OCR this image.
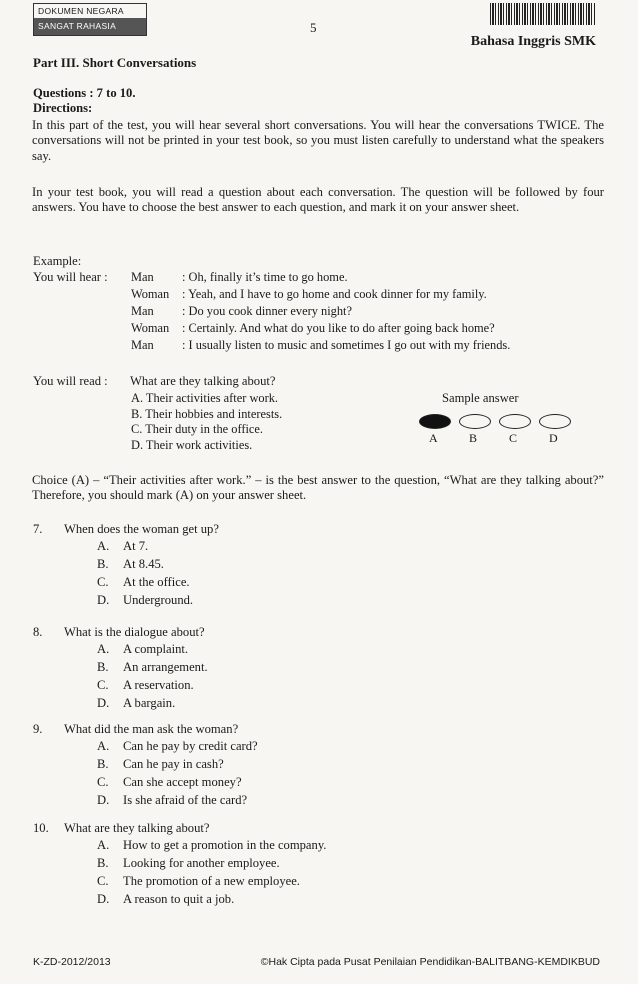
DOKUMEN NEGARA
SANGAT RAHASIA	5
Bahasa Inggris SMK
Part III. Short Conversations
Questions : 7 to 10.
Directions:

In this part of the test, you will hear several short conversations. You will hear the conversations TWICE. The conversations will not be printed in your test book, so you must listen carefully to understand what the speakers say.

In your test book, you will read a question about each conversation. The question will be followed by four answers. You have to choose the best answer to each question, and mark it on your answer sheet.

Example:
You will hear : Man : Oh, finally it’s time to go home.
Woman : Yeah, and I have to go home and cook dinner for my family.
Man : Do you cook dinner every night?
Woman : Certainly. And what do you like to do after going back home?
Man : I usually listen to music and sometimes I go out with my friends.
You will read : What are they talking about?
A. Their activities after work.
B. Their hobbies and interests.
C. Their duty in the office.
D. Their work activities.
Sample answer
A	B	C	D

Choice (A) – “Their activities after work.” – is the best answer to the question, “What are they talking about?” Therefore, you should mark (A) on your answer sheet.

7. When does the woman get up?
A. At 7.
B. At 8.45.
C. At the office.
D. Underground.
8. What is the dialogue about?
A. A complaint.
B. An arrangement.
C. A reservation.
D. A bargain.
9. What did the man ask the woman?
A. Can he pay by credit card?
B. Can he pay in cash?
C. Can she accept money?
D. Is she afraid of the card?
10. What are they talking about?
A. How to get a promotion in the company.
B. Looking for another employee.
C. The promotion of a new employee.
D. A reason to quit a job.
K-ZD-2012/2013	©Hak Cipta pada Pusat Penilaian Pendidikan-BALITBANG-KEMDIKBUD
